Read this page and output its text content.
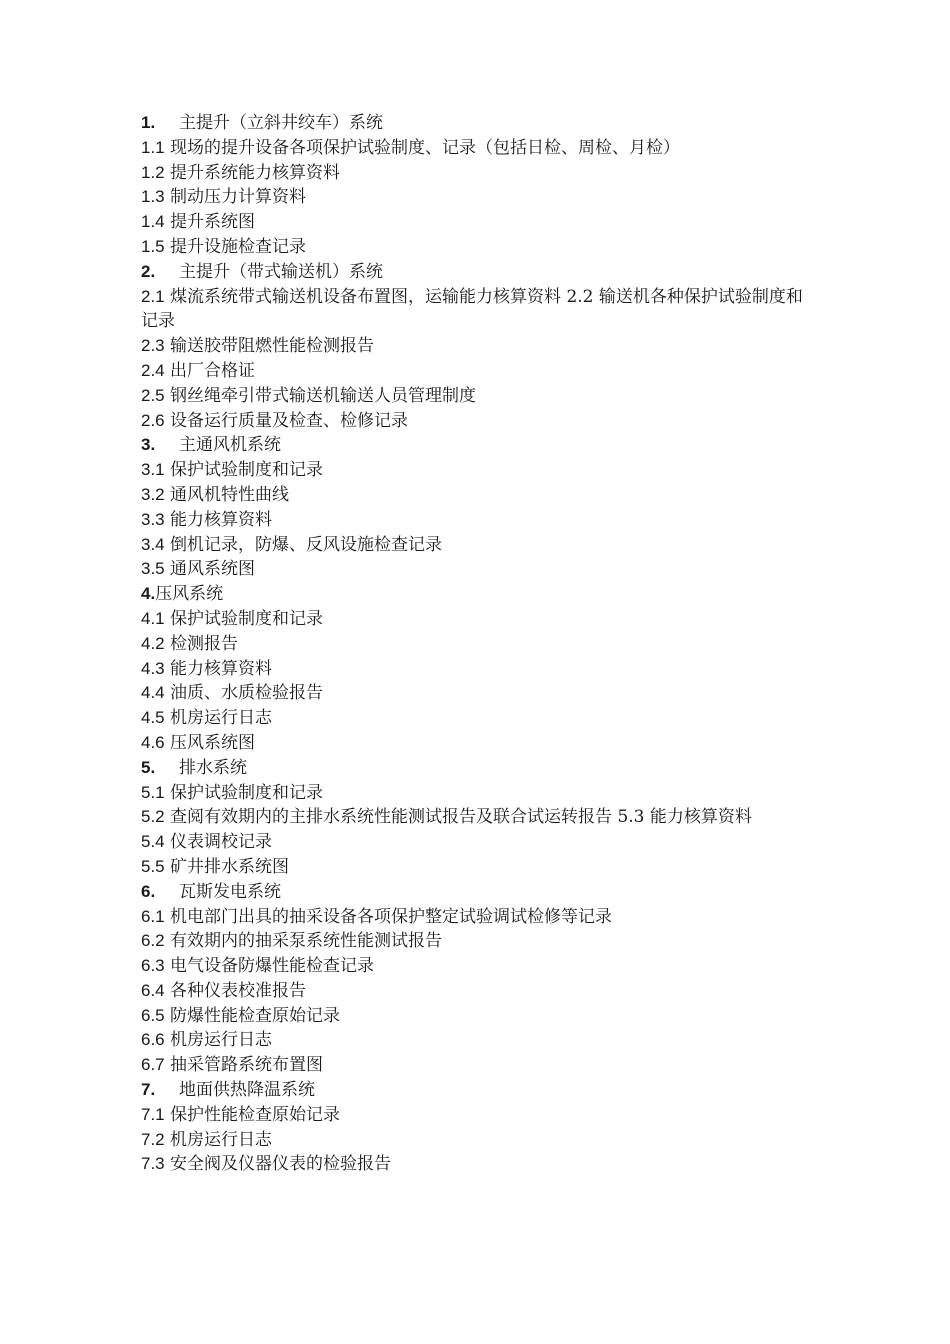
1. 主提升（立斜井绞车）系统
1.1 现场的提升设备各项保护试验制度、记录（包括日检、周检、月检）
1.2 提升系统能力核算资料
1.3 制动压力计算资料
1.4 提升系统图
1.5 提升设施检查记录
2. 主提升（带式输送机）系统
2.1 煤流系统带式输送机设备布置图，运输能力核算资料 2.2 输送机各种保护试验制度和记录
2.3 输送胶带阻燃性能检测报告
2.4 出厂合格证
2.5 钢丝绳牵引带式输送机输送人员管理制度
2.6 设备运行质量及检查、检修记录
3. 主通风机系统
3.1 保护试验制度和记录
3.2 通风机特性曲线
3.3 能力核算资料
3.4 倒机记录，防爆、反风设施检查记录
3.5 通风系统图
4.压风系统
4.1 保护试验制度和记录
4.2 检测报告
4.3 能力核算资料
4.4 油质、水质检验报告
4.5 机房运行日志
4.6 压风系统图
5. 排水系统
5.1 保护试验制度和记录
5.2 查阅有效期内的主排水系统性能测试报告及联合试运转报告 5.3 能力核算资料
5.4 仪表调校记录
5.5 矿井排水系统图
6. 瓦斯发电系统
6.1 机电部门出具的抽采设备各项保护整定试验调试检修等记录
6.2 有效期内的抽采泵系统性能测试报告
6.3 电气设备防爆性能检查记录
6.4 各种仪表校准报告
6.5 防爆性能检查原始记录
6.6 机房运行日志
6.7 抽采管路系统布置图
7. 地面供热降温系统
7.1 保护性能检查原始记录
7.2 机房运行日志
7.3 安全阀及仪器仪表的检验报告
